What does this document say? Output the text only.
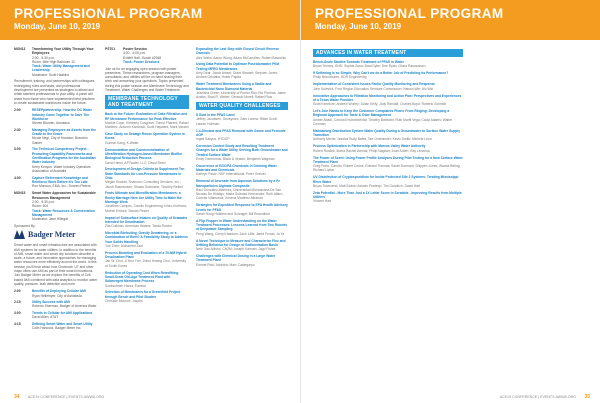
PROFESSIONAL PROGRAM
Monday, June 10, 2019
MON13	Transforming Your Utility Through Your Employees
2:00 - 5:30 p.m.
Room: Mile High Ballroom 1C
Track: Water Utility Management and Leadership
Moderator: Scott Haskins
Recruitment, training, and partnerships with colleagues, redesigning roles and tasks, and professional development are presented as strategies to attract and retain talented professionals to your utility. A panel will share from those who have implemented best practices to create sustainable workforces inside the future.
2:00	RESEPpartnership: How the OC Water Industry Came Together to Save The Workforce
Steven Blumen, Amusaco
2:30	Managing Employees as Assets from the Cradle to the Grave
Nicole Negi, City of Houston; Brandon Ganter
3:00	The Technical Competency Project - Promoting Capability Frameworks and Certification Programs for the Australian Water Industry
Kerry Kenyon, Water Industry Operators Association of Australia
4:00	Capture Retirement Knowledge and Reinforce Work Before It's Too Late
Ron Monson, EMA, Inc.; Doreen Pieters
MON15	Smart Water Approaches for Sustainable Resources Management
2:00 - 5:30 p.m.
Room: 504
Track: Water Resources & Conservation Management
Moderator: Jane Hillegat
Sponsored By:
Badger Meter
Smart water and smart infrastructure are associated with AMI systems for water utilities. In addition to the benefits of AMI, smart water and smart city solutions describe a scale, a future, and innovative approaches for managing water resources more efficiently around the world. In this session you'll hear about how Cincinnati, UT and other major cities use AMI as part of their smart innovations. Join Badger Meter as we explore the benefits of Cell-based AMI combined with data analytics to monitor water quality, pressure, leak detection and more.
2:00	Benefits of Deploying Cellular AMI
Ryan Hellemyer, City of Ashtabula
2:15	Utility Success with AMI
Roberto Sherman, Badger of America Water
3:00	Trends in Cellular for AMI Applications
David Allen, AT&T
4:15	Defining Smart Water and Smart Utility
Colin Hancock, Badger Meter Inc.
PST01	Poster Session
3:00 - 4:00 p.m.
Exhibit Hall - Booth #2948
Track: Poster Sessions
Join us for an engaging open session with poster presenters. These researchers, program managers, consultants, and utilities will be on hand sharing their work and answering your questions. Topics presented during this poster session are Membrane Technology and Treatment, Water Challenges and Water Treatment.
MEMBRANE TECHNOLOGY AND TREATMENT
Back to the Future: Evaluation of Cake Filtration and RF Membrane Performance for Peak Effective
Mackie Cope, Kimberly Cosgrave; Tiamd Pharent; Rafael Martinez, Autumn Kaminski; Scott Hayward; Mark Vanzini
Case Study on Sewage Reuse Operation System in Korea
Gurmar Kang, K-Water
Demonstration and Commercialization of Ultrafiltration Hydrogen-based Membrane Biofilm Biological Reduction Process
David Himel, APTwater, LLC; David Reed
Development of Design Criteria to Supplement Ten State Standards for Low-Pressure Membranes in Ohio
Megan Sinclair, Shannon; Consulting Services, Inc.; Jacob Rasmussen; Shaws Guttmann; Timothy Reikel
Fonts Ultimate and Microfiltration Membranes: a Rocky Marriage Here Are Utility Time to Make the Marriage Work
Jonathan Campos, Carollo Engineering; Ichiro Kurihara; Morhei Kimura; Stevan Pester
Impact of Subsurface Intakes on Quality of Seawater Intended for Desalination
Zita Dullman, American Waters; Tamla Rosine
Microbial Biofouling, Gravity Dewatering, or a Combination of Both? A Feasibility Study to Address Your Solids Handling
Yue Zhen; Mohamed Zaid
Process Modeling and Evaluation of a 70-NM Hybrid Desalination Plant
Jae W. Choi, Ji Hun Yun; Jinhui Hwang Choi, University of South Korea
Reduction of Operating Cost When Retrofitting Small-Scale Old-Age Treatment Plant with Submerged Membrane Process
Sooksubhen Harsa; Eamwa
Selection of Membranes for a Greenfield Project through Bench and Pilot Studies
Chrisstie Mounce, Jacobs
Expanding the Last Step with Closed Circuit Reverse Osmosis
Alex Wahs, Aaron Wong; Adam McCandliss; Robert Basechis
Using Data Potential to Optimize Poseidonwater Pilot Testing MFRO Membranes
Amy Dear, Jacob Amsel; Grant Stewart; Stephen Jones; Andrea Ortolalia; Hoker Paptta
Water Treatment Membranes Using a Stable and Bactericidal Nano Diamond Material
Jeanisha Green, University of Puerto Rico Rio Piedras; Jaime Avalos; Brad R. Weber; Gerardo Morell; Rafael Rios
WATER QUALITY CHALLENGES
8 Gold in the PFAS Lane!
Jeffrey Jacobsen, Geosyntec; Sam Lorenz; Rikke Scott; Lauren Hollman
1,4-Dioxane and PFAS Removal with Ozone and Peroxide AOP
Ingrid Sakyus, HYDOP
Corrosion Control Study and Resulting Treatment Changes for a Water Utility Serving Both Groundwater and Treated Surface Water
Emily Toomorrow, Black & Veatch; Benjamin Wagman
Occurrence of EDC/PA Chemicals in Drinking Water Materials and Chemicals
Kathryn Peutz, NSF International; Peter Greiner
Removal of Arsenate from Aqueous Solutions by a Fe Nanoparticles Alginate Composite
Raul Gonzalez-Martinez, Universidad Michoacana De San Nicolas De Hidalgo; Maria Soledad Hernandez; Ruth Alfaro-Cuevas Villanueva; Ximena Martinez-Miranda
Strategies for Expedited Response to EPA Health Advisory Levels for PFAS
Sarah Hong Hobbins and Schragel; Bill Rosenfield
A Flip Flopper in Water Understanding on the Water Treatment Processes: Lessons Learned from Two Rounds of Deepwater Sampling
Peng Wang; Cheryl Hasdum; Zach Lillis; Jared Prossi; Ja Ya
A Novel Technique to Measure and Characterize Floc and Settling Behavior for Design of Sedimentation Basin
Nebi Jiao Adisho, CH2M; Joseph Kannan; Jago Fisher
Challenges with Chemical Dosing in a Large Water Treatment Plant
Emmet Rios; Adoniba; Marc Castegaryo
34 ACE19 CONFERENCE | EVENTS.AWWA.ORG
PROFESSIONAL PROGRAM
Monday, June 10, 2019
ADVANCES IN WATER TREATMENT
Bench-Scale Studies Towards Treatment of PFAS in Water
Bryan Tennes, GHD; Sophia Sosa; Brad Dyke; Dee Ryan; Gloria Rasmussen
If Softening is so Simple, Why Can't we do a Better Job of Predicting its Performance?
Philip Brandhuber, HDR Engineering
Implementation of Consistent Issues Factor Quality Monitoring and Response
John Kulevick, Ford Region Education Services Commission; Nelson Win; Alu Win
Innovative Approaches to Filtration Monitoring and Action Plan: Perspectives and Experiences of a Texas Water Provider
Scott Kenmore; Andrew Worley; Julian Kelly; Jody Randall; Charles Boyd; Roberto Schmidt
Let's Join Hands to Keep the Customer Complaints Phone From Ringing: Developing a Regional Approach for Taste & Odor Management
Amber Abadi, Corona Environmental; Timothy Bartrand; Ruth Marfil Vega; Cacip Adams; Walter Cooman
Maintaining Distribution System Water Quality During a Groundwater to Surface Water Supply Transition
Anthony Merrie; Jessica Rudy Bates; Tarr Overlander; Kevin Smith; Michele Leon
Process Optimization in Partnership with Marcus Valley Water Authority
Robert Roalick, Ibarra Rachel Arenaz; Philip Nagdan; Joan Arden; Ray Lenzona
The Power of Scent: Using Power Profile Analyses During Pilot Testing for a New Surface Water Treatment Plant
Greg Preto, Carollo; Robert Cerise; Edward Thomas; Sarah Dormant; Shippen Jones; Wanda Bitting; Richard Lipton
UV Disinfection of Cryptosporidium for Inside Protected Site 2 Systems: Treating Mississippi River Water
Bryan Townsend; Matt Evans; Ashwin Pradeep; Tim Goodrich; David Hart
Zeta Potential - More Than Just a 1X Letter Score in Scrabble - Improving Results from Multiple Utilities
Vincent Hart
ACE19 CONFERENCE | EVENTS.AWWA.ORG 35
